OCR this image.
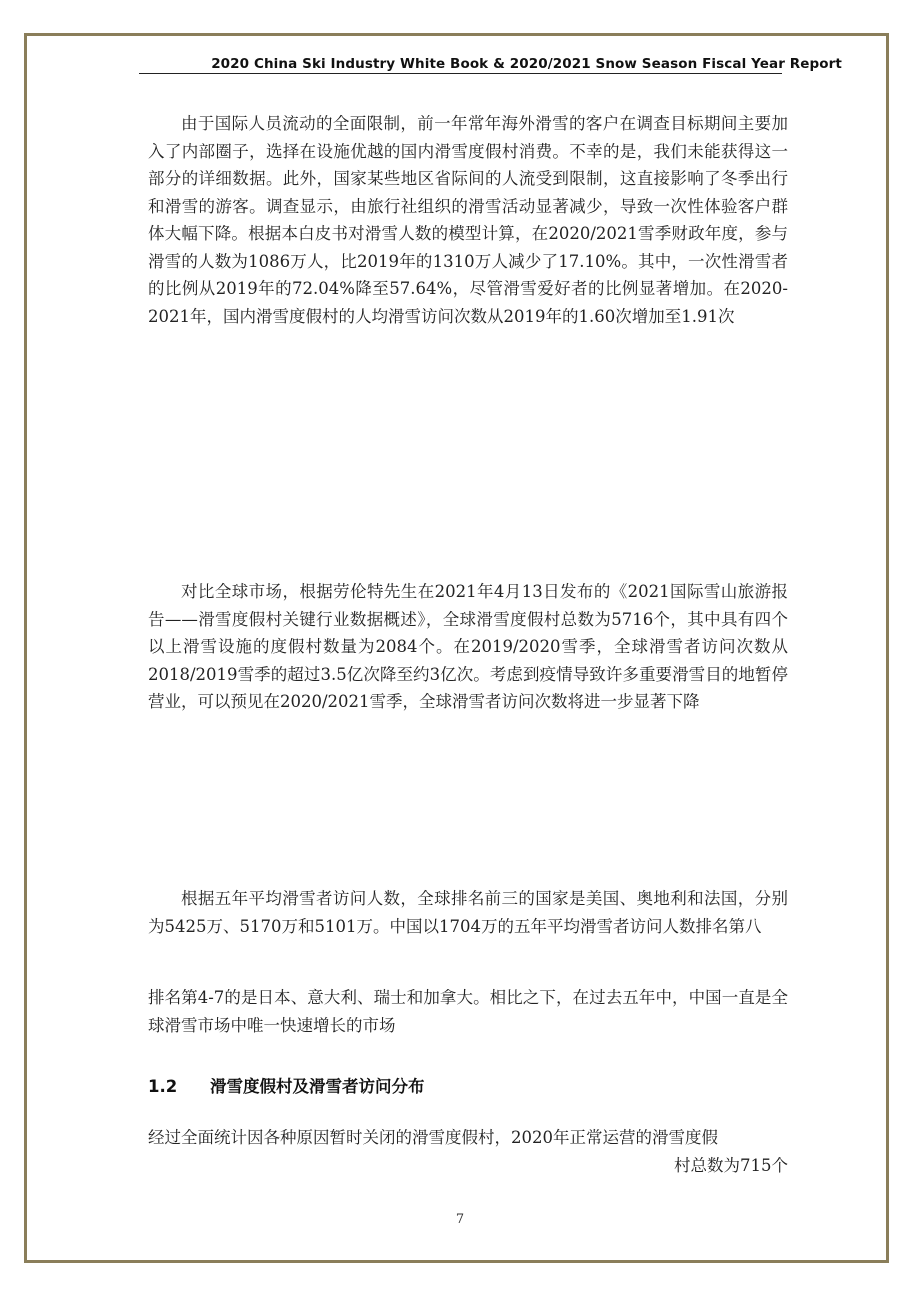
2020 China Ski Industry White Book & 2020/2021 Snow Season Fiscal Year Report

由于国际人员流动的全面限制，前一年常年海外滑雪的客户在调查目标期间主要加入了内部圈子，选择在设施优越的国内滑雪度假村消费。不幸的是，我们未能获得这一部分的详细数据。此外，国家某些地区省际间的人流受到限制，这直接影响了冬季出行和滑雪的游客。调查显示，由旅行社组织的滑雪活动显著减少，导致一次性体验客户群体大幅下降。根据本白皮书对滑雪人数的模型计算，在2020/2021雪季财政年度，参与滑雪的人数为1086万人，比2019年的1310万人减少了17.10%。其中，一次性滑雪者的比例从2019年的72.04%降至57.64%，尽管滑雪爱好者的比例显著增加。在2020-2021年，国内滑雪度假村的人均滑雪访问次数从2019年的1.60次增加至1.91次

对比全球市场，根据劳伦特先生在2021年4月13日发布的《2021国际雪山旅游报告——滑雪度假村关键行业数据概述》，全球滑雪度假村总数为5716个，其中具有四个以上滑雪设施的度假村数量为2084个。在2019/2020雪季，全球滑雪者访问次数从2018/2019雪季的超过3.5亿次降至约3亿次。考虑到疫情导致许多重要滑雪目的地暂停营业，可以预见在2020/2021雪季，全球滑雪者访问次数将进一步显著下降

根据五年平均滑雪者访问人数，全球排名前三的国家是美国、奥地利和法国，分别为5425万、5170万和5101万。中国以1704万的五年平均滑雪者访问人数排名第八

排名第4-7的是日本、意大利、瑞士和加拿大。相比之下，在过去五年中，中国一直是全球滑雪市场中唯一快速增长的市场

1.2 滑雪度假村及滑雪者访问分布
经过全面统计因各种原因暂时关闭的滑雪度假村，2020年正常运营的滑雪度假
村总数为715个
7
